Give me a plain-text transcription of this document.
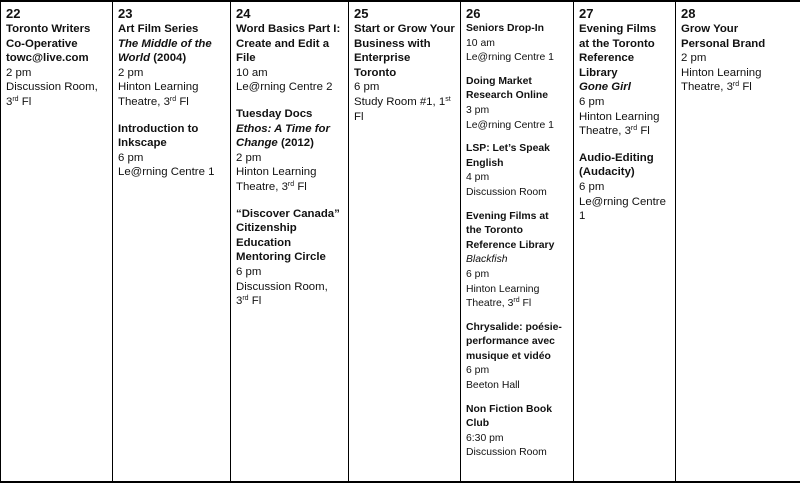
22
Toronto Writers
Co-Operative
towc@live.com
2 pm
Discussion Room,
3rd Fl

23
Art Film Series
The Middle of the
World (2004)
2 pm
Hinton Learning
Theatre, 3rd Fl
Introduction to
Inkscape
6 pm
Le@rning Centre 1

24
Word Basics Part I:
Create and Edit a
File
10 am
Le@rning Centre 2
Tuesday Docs
Ethos: A Time for
Change (2012)
2 pm
Hinton Learning
Theatre, 3rd Fl
“Discover Canada”
Citizenship
Education
Mentoring Circle
6 pm
Discussion Room,
3rd Fl

25
Start or Grow Your
Business with
Enterprise
Toronto
6 pm
Study Room #1, 1st
Fl

26
Seniors Drop-In
10 am
Le@rning Centre 1
Doing Market
Research Online
3 pm
Le@rning Centre 1
LSP: Let’s Speak
English
4 pm
Discussion Room
Evening Films at
the Toronto
Reference Library
Blackfish
6 pm
Hinton Learning
Theatre, 3rd Fl
Chrysalide: poésie-
performance avec
musique et vidéo
6 pm
Beeton Hall
Non Fiction Book
Club
6:30 pm
Discussion Room

27
Evening Films
at the Toronto
Reference
Library
Gone Girl
6 pm
Hinton Learning
Theatre, 3rd Fl
Audio-Editing
(Audacity)
6 pm
Le@rning Centre
1

28
Grow Your
Personal Brand
2 pm
Hinton Learning
Theatre, 3rd Fl
